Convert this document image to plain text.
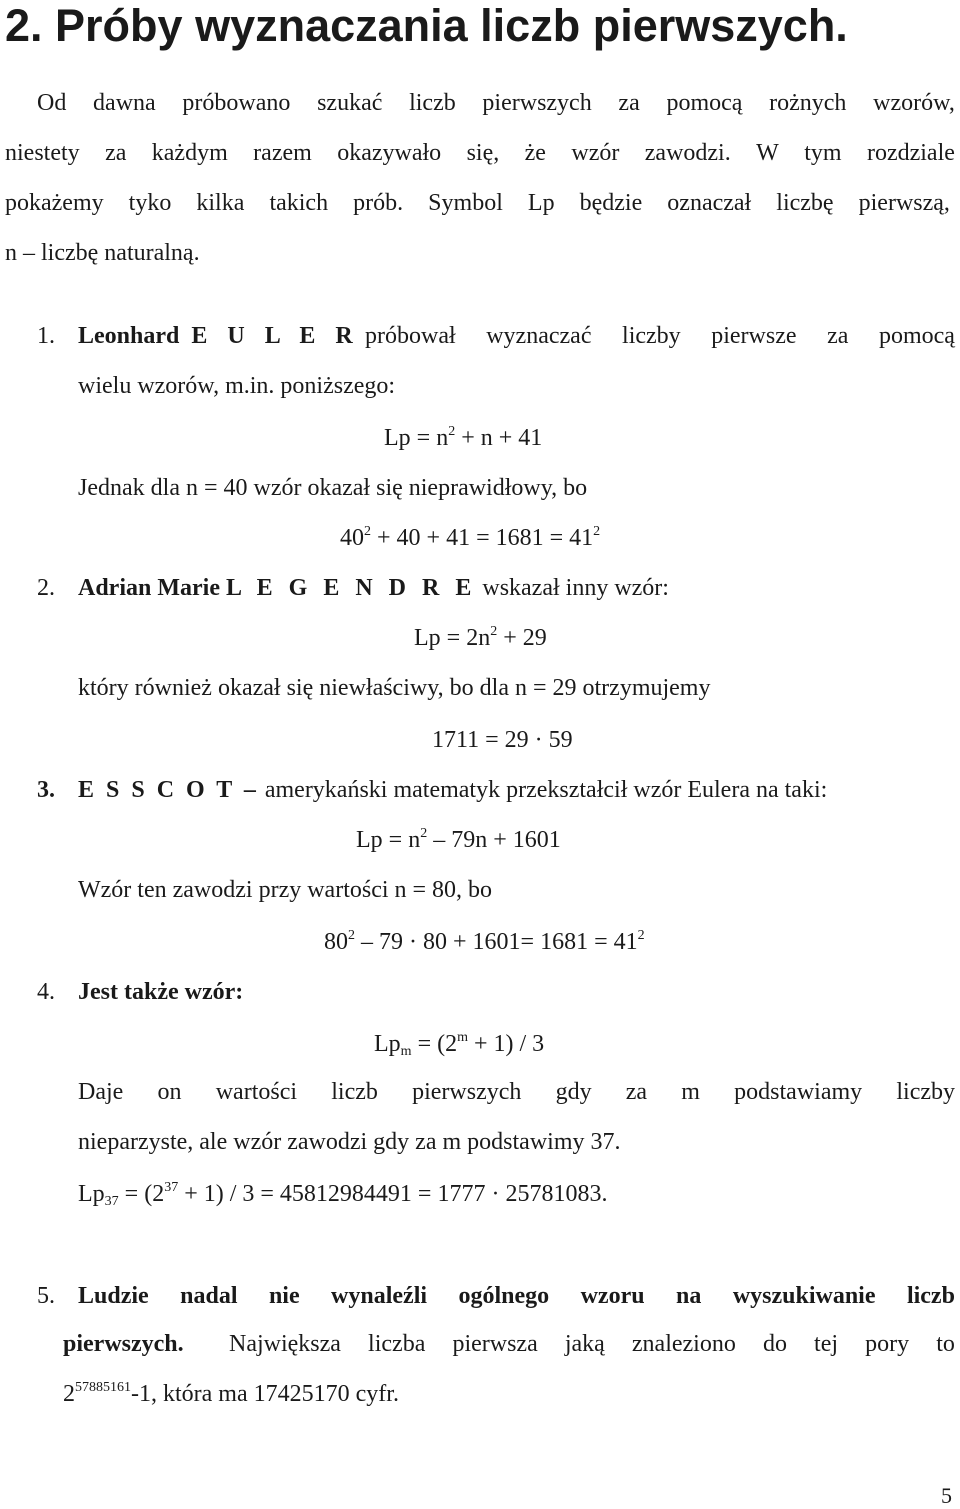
2. Próby wyznaczania liczb pierwszych.
Od dawna próbowano szukać liczb pierwszych za pomocą rożnych wzorów,
niestety za każdym razem okazywało się, że wzór zawodzi. W tym rozdziale
pokażemy tyko kilka takich prób. Symbol Lp będzie oznaczał liczbę pierwszą,
n – liczbę naturalną.
1. Leonhard E U L E R próbował wyznaczać liczby pierwsze za pomocą
wielu wzorów, m.in. poniższego:
$Lp = n^2 + n + 41$
Jednak dla n = 40 wzór okazał się nieprawidłowy, bo
$40^2 + 40 + 41 = 1681 = 41^2$
2. Adrian Marie L E G E N D R E wskazał inny wzór:
$Lp = 2n^2 + 29$
który również okazał się niewłaściwy, bo dla n = 29 otrzymujemy
1711 = 29 · 59
3. E S S C O T – amerykański matematyk przekształcił wzór Eulera na taki:
$Lp = n^2 - 79n + 1601$
Wzór ten zawodzi przy wartości n = 80, bo
$80^2 - 79 \cdot 80 + 1601= 1681 = 41^2$
4. Jest także wzór:
$Lp_m = (2^m + 1) / 3$
Daje on wartości liczb pierwszych gdy za m podstawiamy liczby
nieparzyste, ale wzór zawodzi gdy za m podstawimy 37.
$Lp_{37} = (2^{37} + 1) / 3 = 45812984491 = 1777 \cdot 25781083$.
5. Ludzie nadal nie wynaleźli ogólnego wzoru na wyszukiwanie liczb
pierwszych. Największa liczba pierwsza jaką znaleziono do tej pory to
$2^{57885161}-1$, która ma 17425170 cyfr.
5
